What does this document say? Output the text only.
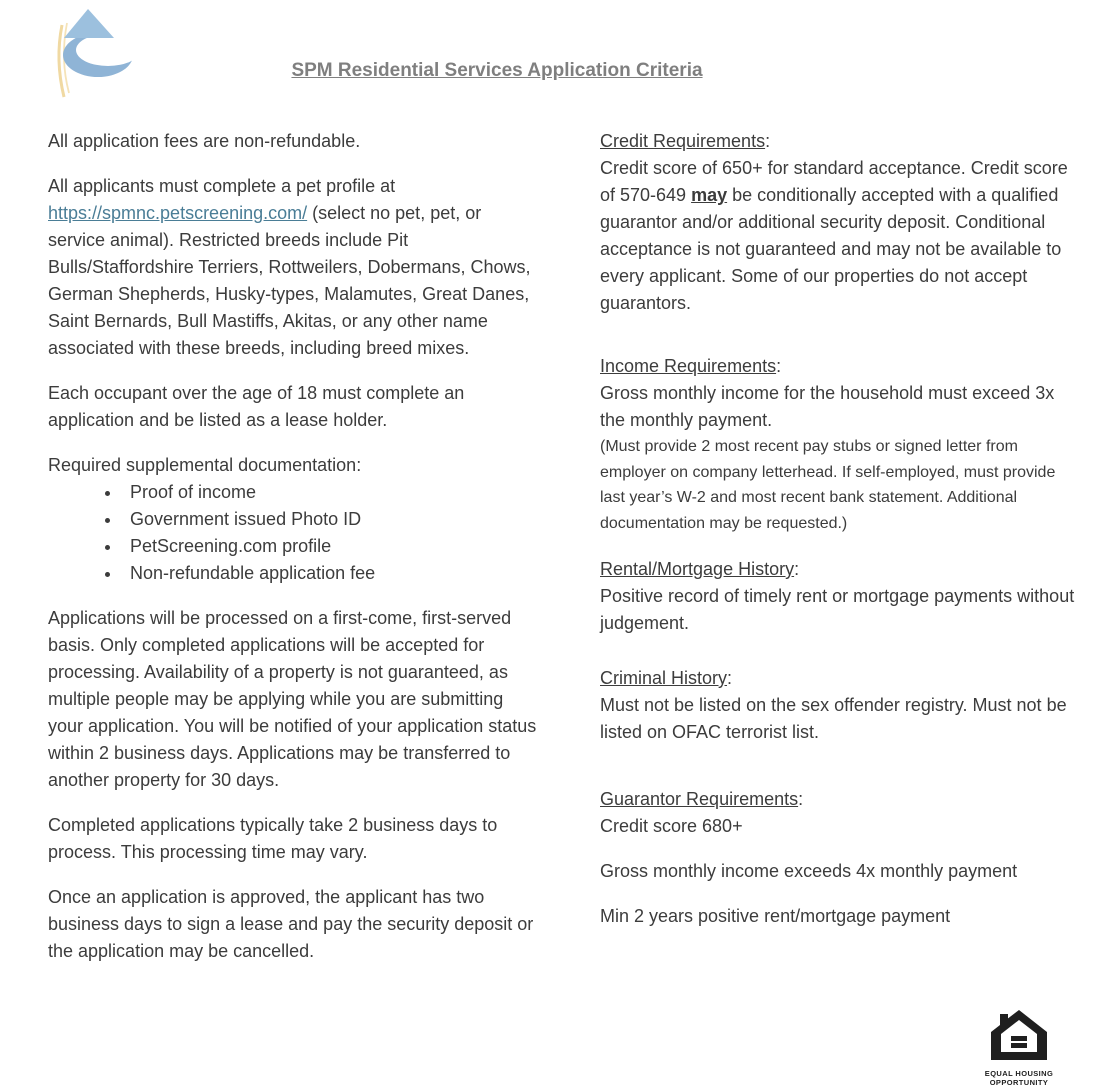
SPM Residential Services Application Criteria

All application fees are non-refundable.

All applicants must complete a pet profile at https://spmnc.petscreening.com/ (select no pet, pet, or service animal). Restricted breeds include Pit Bulls/Staffordshire Terriers, Rottweilers, Dobermans, Chows, German Shepherds, Husky-types, Malamutes, Great Danes, Saint Bernards, Bull Mastiffs, Akitas, or any other name associated with these breeds, including breed mixes.

Each occupant over the age of 18 must complete an application and be listed as a lease holder.

Required supplemental documentation:

• Proof of income
• Government issued Photo ID
• PetScreening.com profile
• Non-refundable application fee

Applications will be processed on a first-come, first-served basis. Only completed applications will be accepted for processing. Availability of a property is not guaranteed, as multiple people may be applying while you are submitting your application. You will be notified of your application status within 2 business days. Applications may be transferred to another property for 30 days.

Completed applications typically take 2 business days to process. This processing time may vary.

Once an application is approved, the applicant has two business days to sign a lease and pay the security deposit or the application may be cancelled.

Credit Requirements:
Credit score of 650+ for standard acceptance. Credit score of 570-649 may be conditionally accepted with a qualified guarantor and/or additional security deposit. Conditional acceptance is not guaranteed and may not be available to every applicant. Some of our properties do not accept guarantors.
Income Requirements:
Gross monthly income for the household must exceed 3x the monthly payment.
(Must provide 2 most recent pay stubs or signed letter from employer on company letterhead. If self-employed, must provide last year’s W-2 and most recent bank statement. Additional documentation may be requested.)
Rental/Mortgage History:
Positive record of timely rent or mortgage payments without judgement.
Criminal History:
Must not be listed on the sex offender registry. Must not be listed on OFAC terrorist list.
Guarantor Requirements:

Credit score 680+

Gross monthly income exceeds 4x monthly payment

Min 2 years positive rent/mortgage payment

EQUAL HOUSING
OPPORTUNITY
